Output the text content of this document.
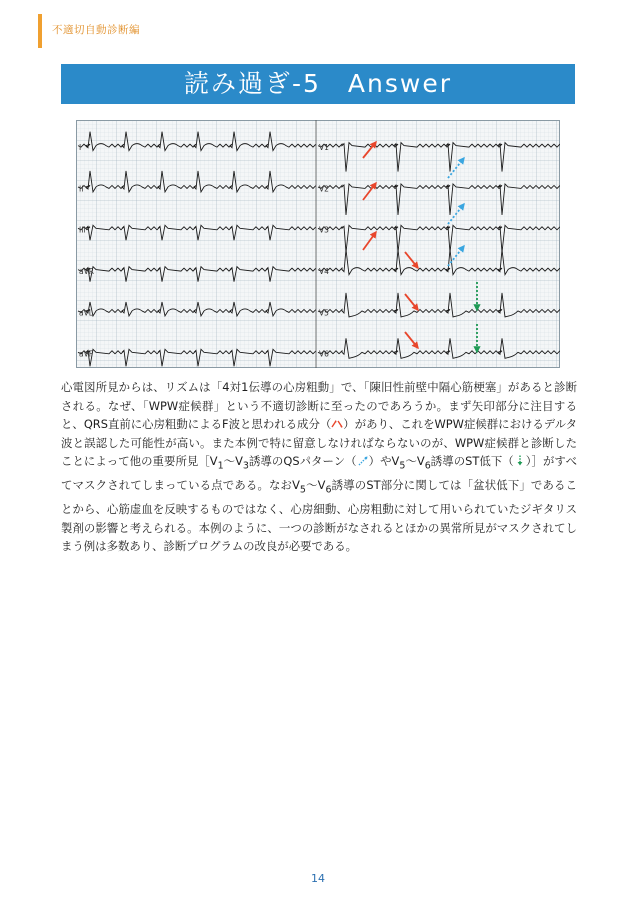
不適切自動診断編
読み過ぎ-5　Answer
I	V1
II	V2
III	V3
aVR	V4
aVL	V5
aVF	V6

心電図所見からは、リズムは「4対1伝導の心房粗動」で、「陳旧性前壁中隔心筋梗塞」があると診断される。なぜ、「WPW症候群」という不適切診断に至ったのであろうか。まず矢印部分に注目すると、QRS直前に心房粗動によるF波と思われる成分（ ）があり、これをWPW症候群におけるデルタ波と誤認した可能性が高い。また本例で特に留意しなければならないのが、WPW症候群と診断したことによって他の重要所見$[V_1$〜$V_3$誘導のQSパターン（ ）や$V_5$〜$V_6$誘導のST低下（ ）］がすべてマスクされてしまっている点である。なお$V_5$〜$V_6$誘導のST部分に関しては「盆状低下」であることから、心筋虚血を反映するものではなく、心房細動、心房粗動に対して用いられていたジギタリス製剤の影響と考えられる。本例のように、一つの診断がなされるとほかの異常所見がマスクされてしまう例は多数あり、診断プログラムの改良が必要である。

14
